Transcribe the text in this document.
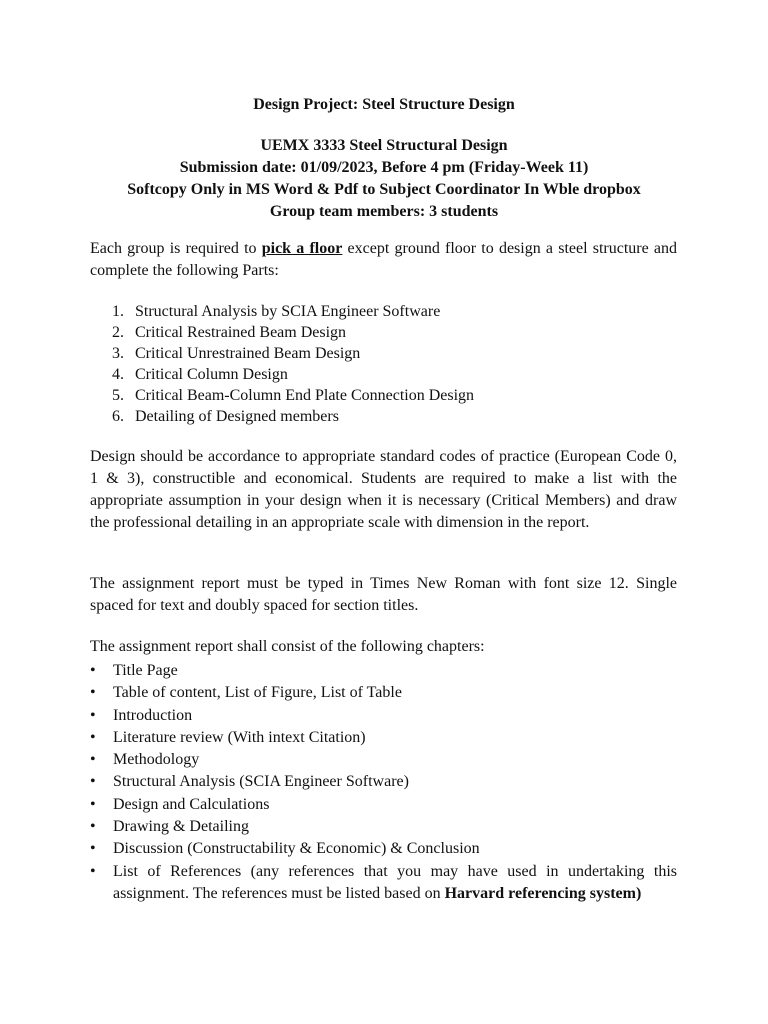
Design Project: Steel Structure Design
UEMX 3333 Steel Structural Design
Submission date: 01/09/2023, Before 4 pm (Friday-Week 11)
Softcopy Only in MS Word & Pdf to Subject Coordinator In Wble dropbox
Group team members: 3 students

Each group is required to pick a floor except ground floor to design a steel structure and complete the following Parts:

1. Structural Analysis by SCIA Engineer Software
2. Critical Restrained Beam Design
3. Critical Unrestrained Beam Design
4. Critical Column Design
5. Critical Beam-Column End Plate Connection Design
6. Detailing of Designed members

Design should be accordance to appropriate standard codes of practice (European Code 0, 1 & 3), constructible and economical. Students are required to make a list with the appropriate assumption in your design when it is necessary (Critical Members) and draw the professional detailing in an appropriate scale with dimension in the report.

The assignment report must be typed in Times New Roman with font size 12. Single spaced for text and doubly spaced for section titles.

The assignment report shall consist of the following chapters:

• Title Page
• Table of content, List of Figure, List of Table
• Introduction
• Literature review (With intext Citation)
• Methodology
• Structural Analysis (SCIA Engineer Software)
• Design and Calculations
• Drawing & Detailing
• Discussion (Constructability & Economic) & Conclusion
• List of References (any references that you may have used in undertaking this assignment. The references must be listed based on Harvard referencing system)
